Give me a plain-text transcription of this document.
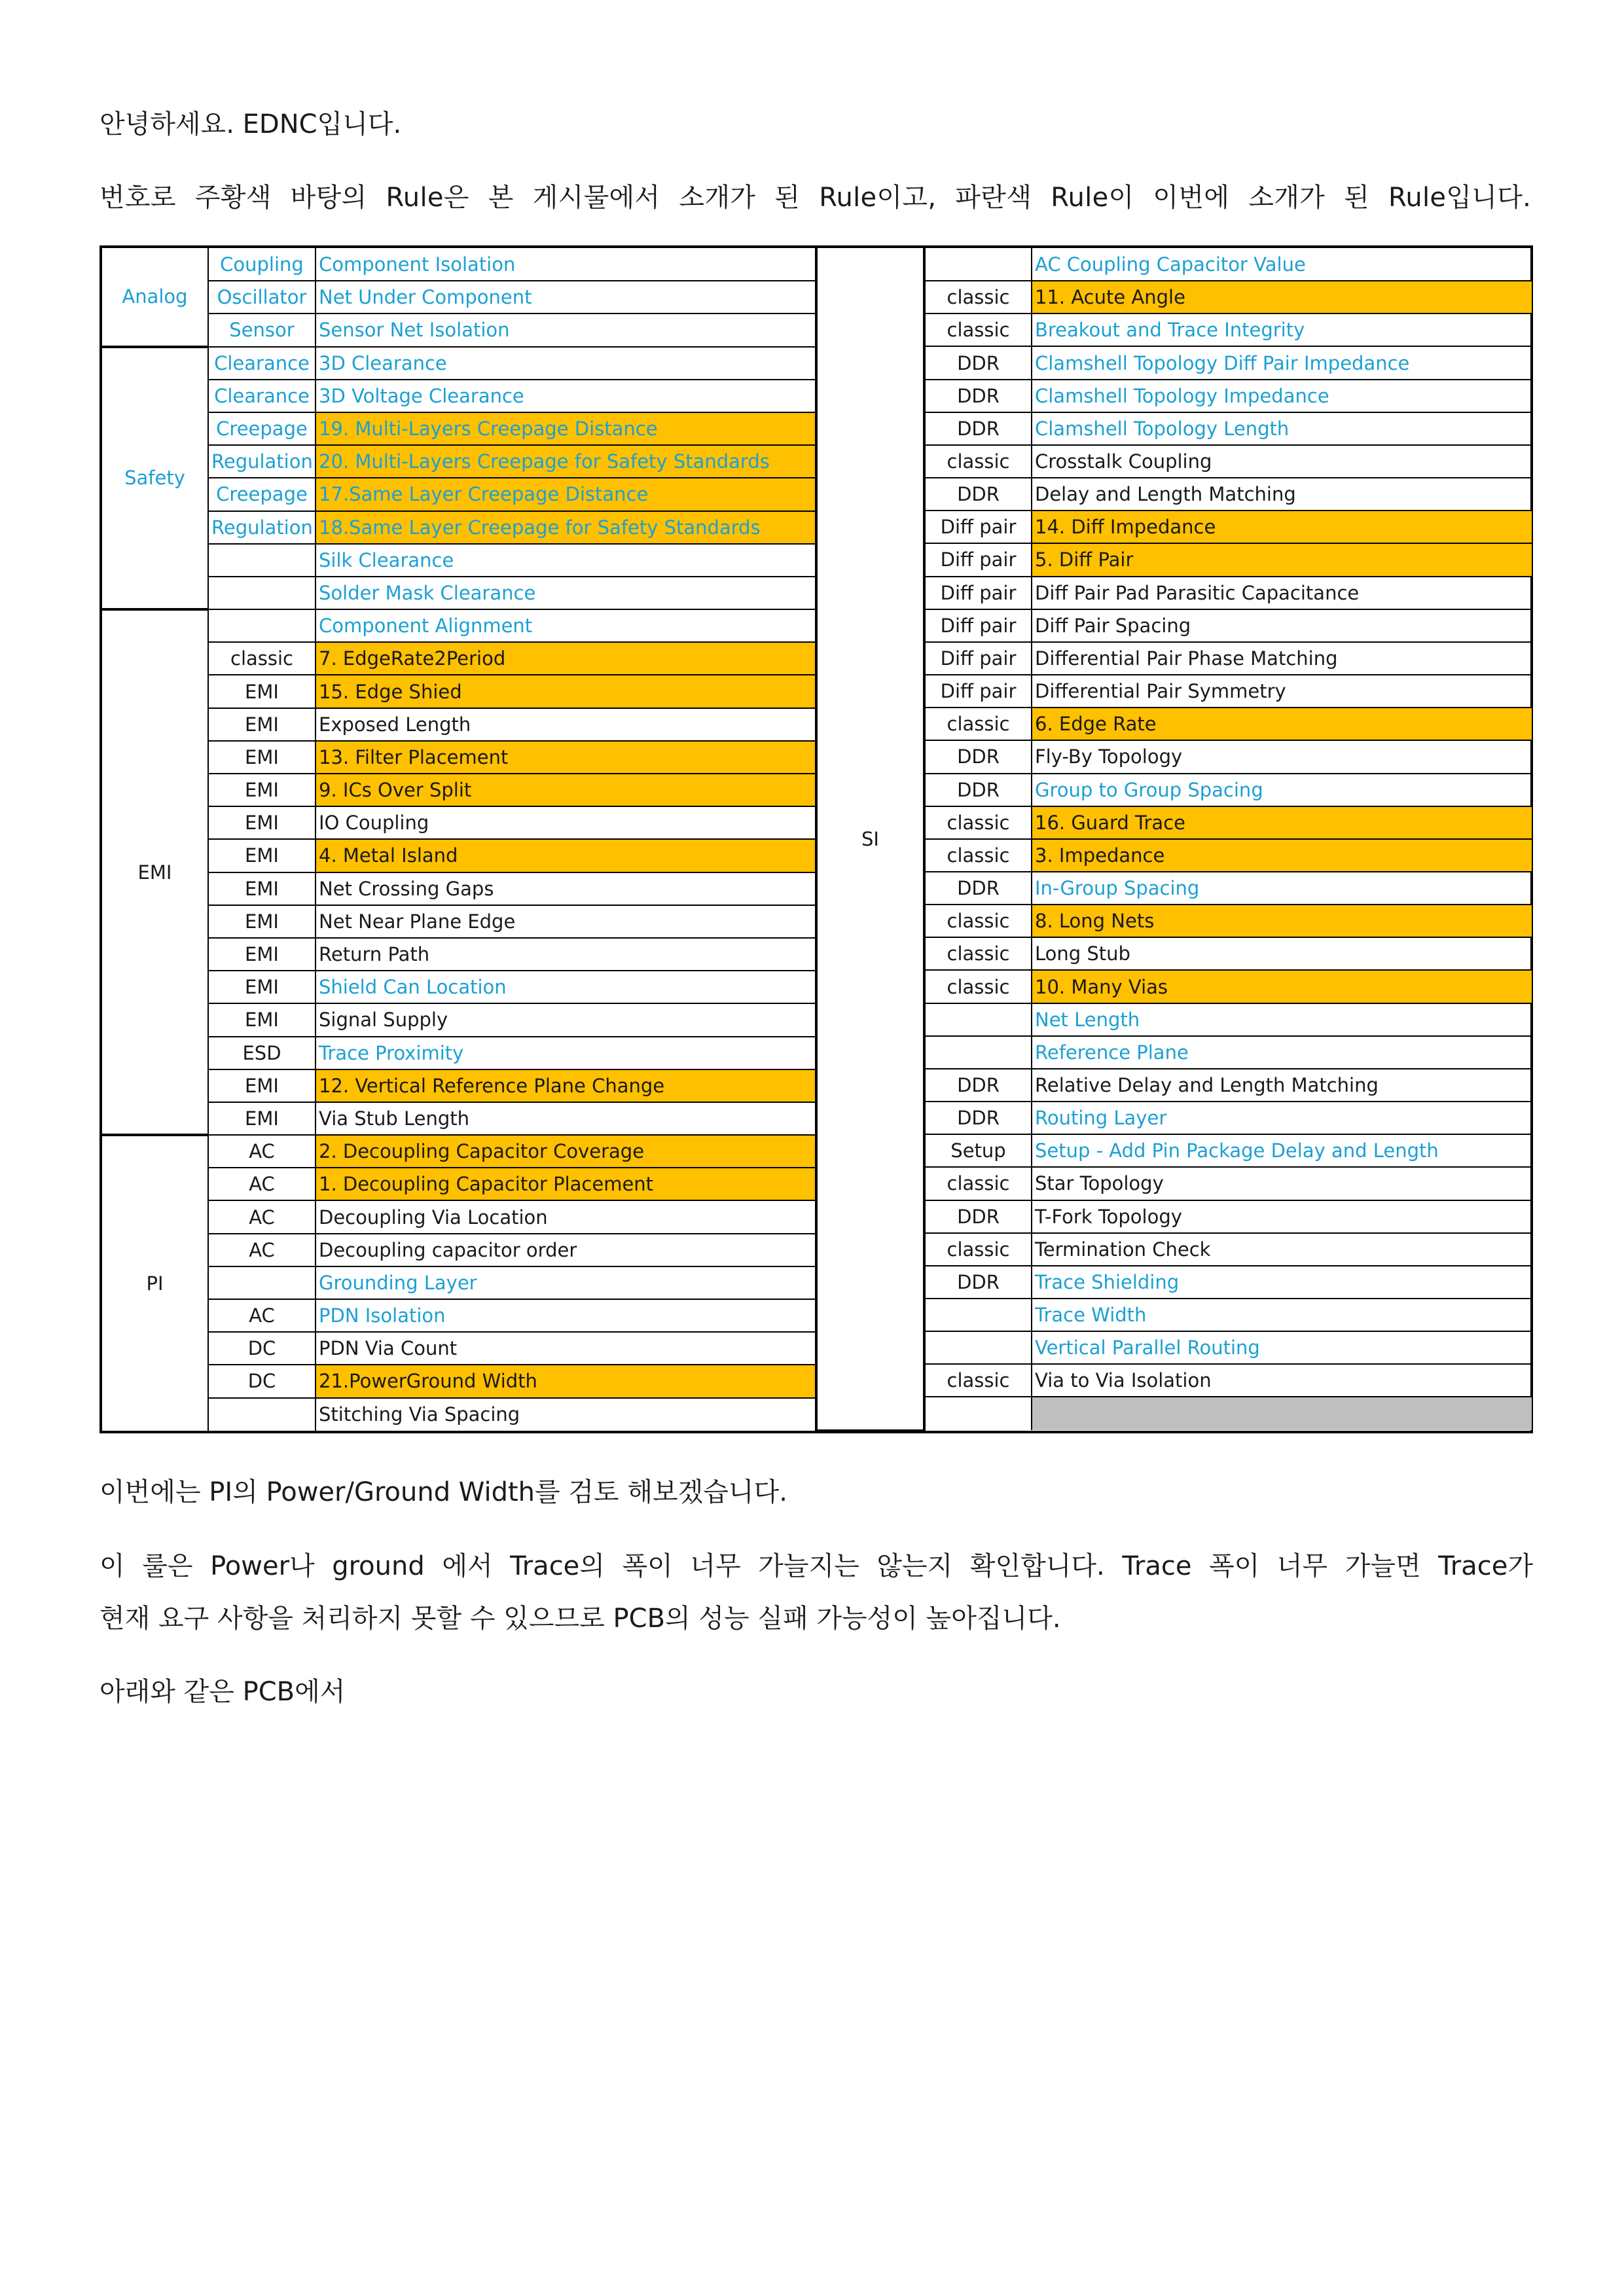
안녕하세요. EDNC입니다.

번호로 주황색 바탕의 Rule은 본 게시물에서 소개가 된 Rule이고, 파란색 Rule이 이번에 소개가 된 Rule입니다.

Analog	Coupling	Component Isolation
	Oscillator	Net Under Component
	Sensor	Sensor Net Isolation
Safety	Clearance	3D Clearance
	Clearance	3D Voltage Clearance
	Creepage	19. Multi-Layers Creepage Distance
	Regulation	20. Multi-Layers Creepage for Safety Standards
	Creepage	17.Same Layer Creepage Distance
	Regulation	18.Same Layer Creepage for Safety Standards
		Silk Clearance
		Solder Mask Clearance
EMI		Component Alignment
	classic	7. EdgeRate2Period
	EMI	15. Edge Shied
	EMI	Exposed Length
	EMI	13. Filter Placement
	EMI	9. ICs Over Split
	EMI	IO Coupling
	EMI	4. Metal Island
	EMI	Net Crossing Gaps
	EMI	Net Near Plane Edge
	EMI	Return Path
	EMI	Shield Can Location
	EMI	Signal Supply
	ESD	Trace Proximity
	EMI	12. Vertical Reference Plane Change
	EMI	Via Stub Length
PI	AC	2. Decoupling Capacitor Coverage
	AC	1. Decoupling Capacitor Placement
	AC	Decoupling Via Location
	AC	Decoupling capacitor order
		Grounding Layer
	AC	PDN Isolation
	DC	PDN Via Count
	DC	21.PowerGround Width
		Stitching Via Spacing
SI		AC Coupling Capacitor Value
	classic	11. Acute Angle
	classic	Breakout and Trace Integrity
	DDR	Clamshell Topology Diff Pair Impedance
	DDR	Clamshell Topology Impedance
	DDR	Clamshell Topology Length
	classic	Crosstalk Coupling
	DDR	Delay and Length Matching
	Diff pair	14. Diff Impedance
	Diff pair	5. Diff Pair
	Diff pair	Diff Pair Pad Parasitic Capacitance
	Diff pair	Diff Pair Spacing
	Diff pair	Differential Pair Phase Matching
	Diff pair	Differential Pair Symmetry
	classic	6. Edge Rate
	DDR	Fly-By Topology
	DDR	Group to Group Spacing
	classic	16. Guard Trace
	classic	3. Impedance
	DDR	In-Group Spacing
	classic	8. Long Nets
	classic	Long Stub
	classic	10. Many Vias
		Net Length
		Reference Plane
	DDR	Relative Delay and Length Matching
	DDR	Routing Layer
	Setup	Setup - Add Pin Package Delay and Length
	classic	Star Topology
	DDR	T-Fork Topology
	classic	Termination Check
	DDR	Trace Shielding
		Trace Width
		Vertical Parallel Routing
	classic	Via to Via Isolation

이번에는 PI의 Power/Ground Width를 검토 해보겠습니다.

이 룰은 Power나 ground 에서 Trace의 폭이 너무 가늘지는 않는지 확인합니다. Trace 폭이 너무 가늘면 Trace가

현재 요구 사항을 처리하지 못할 수 있으므로 PCB의 성능 실패 가능성이 높아집니다.

아래와 같은 PCB에서
